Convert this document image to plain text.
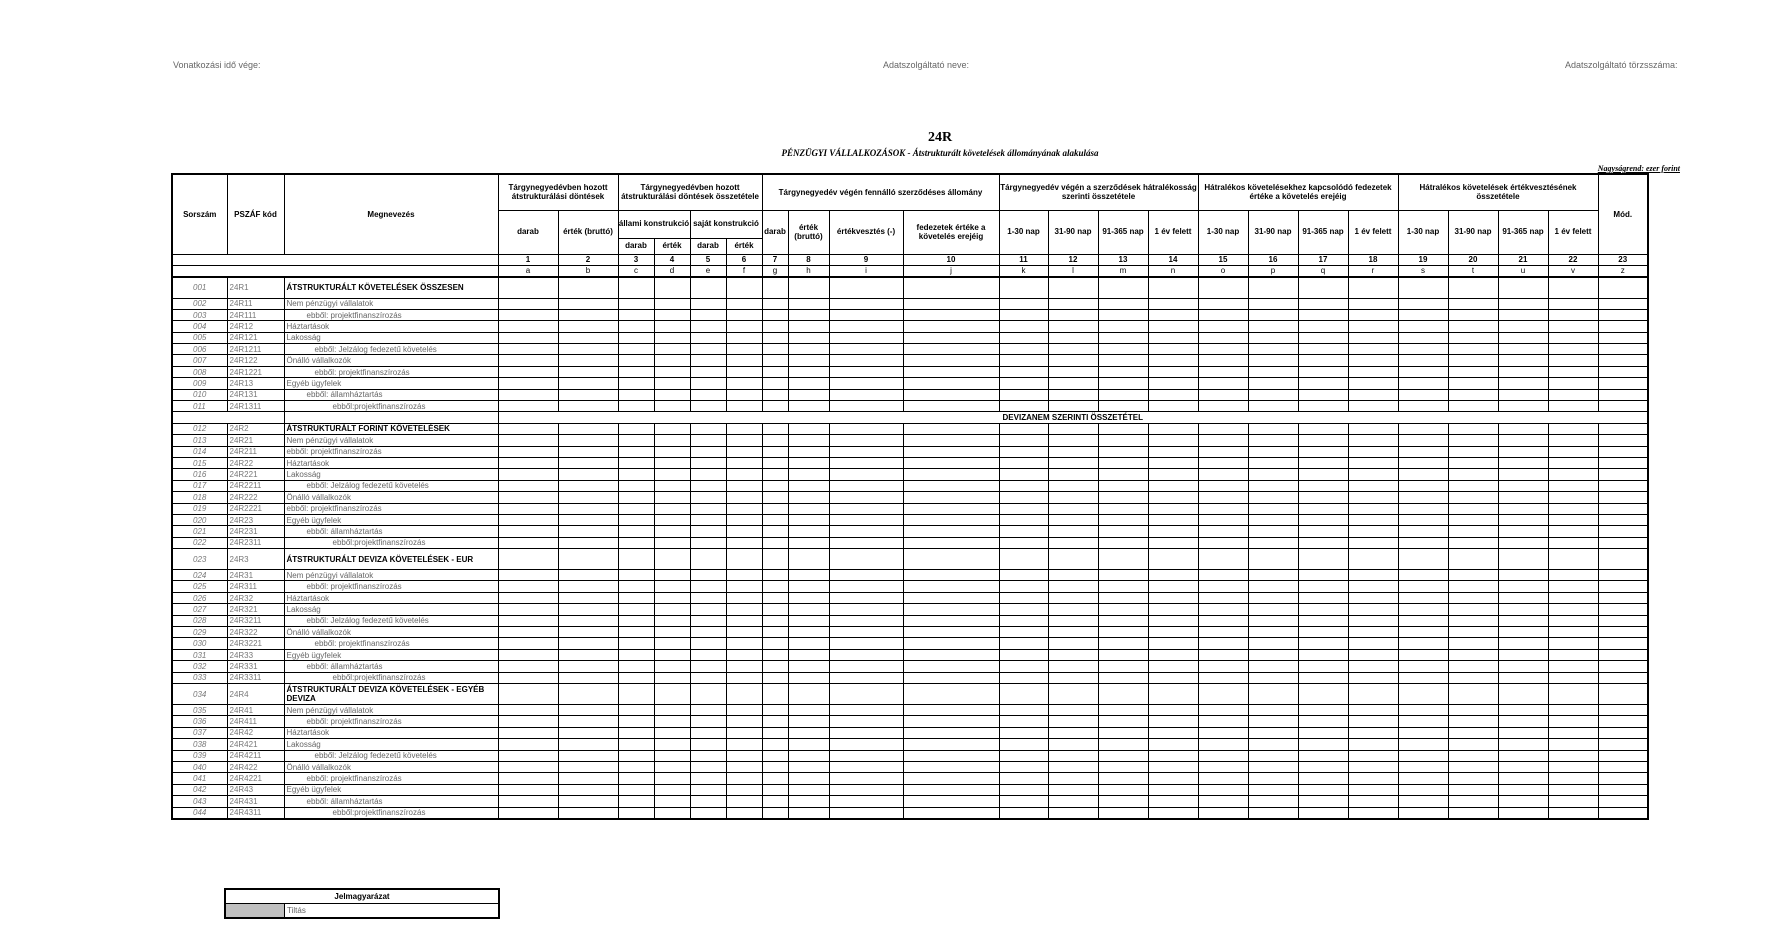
Vonatkozási idő vége:	Adatszolgáltató neve:	Adatszolgáltató törzsszáma:
24R
PÉNZÜGYI VÁLLALKOZÁSOK - Átstrukturált követelések állományának alakulása
Nagyságrend: ezer forint
Sorszám	PSZÁF kód	Megnevezés	Tárgynegyedévben hozott átstrukturálási döntések		Tárgynegyedévben hozott átstrukturálási döntések összetétele				Tárgynegyedév végén fennálló szerződéses állomány				Tárgynegyedév végén a szerződések hátralékosság szerinti összetétele				Hátralékos követelésekhez kapcsolódó fedezetek értéke a követelés erejéig				Hátralékos követelések értékvesztésének összetétele				Mód.
			darab	érték (bruttó)	állami konstrukció		saját konstrukció		darab	érték (bruttó)	értékvesztés (-)	fedezetek értéke a követelés erejéig	1-30 nap	31-90 nap	91-365 nap	1 év felett	1-30 nap	31-90 nap	91-365 nap	1 év felett	1-30 nap	31-90 nap	91-365 nap	1 év felett	
					darab	érték	darab	érték																	
			1	2	3	4	5	6	7	8	9	10	11	12	13	14	15	16	17	18	19	20	21	22	23
			a	b	c	d	e	f	g	h	i	j	k	l	m	n	o	p	q	r	s	t	u	v	z
001	24R1	ÁTSTRUKTURÁLT KÖVETELÉSEK ÖSSZESEN																							
002	24R11	Nem pénzügyi vállalatok																							
003	24R111	ebből: projektfinanszírozás																							
004	24R12	Háztartások																							
005	24R121	Lakosság																							
006	24R1211	ebből: Jelzálog fedezetű követelés																							
007	24R122	Önálló vállalkozók																							
008	24R1221	ebből: projektfinanszírozás																							
009	24R13	Egyéb ügyfelek																							
010	24R131	ebből: államháztartás																							
011	24R1311	ebből:projektfinanszírozás																							
			DEVIZANEM SZERINTI ÖSSZETÉTEL																						
012	24R2	ÁTSTRUKTURÁLT FORINT KÖVETELÉSEK																							
013	24R21	Nem pénzügyi vállalatok																							
014	24R211	ebből: projektfinanszírozás																							
015	24R22	Háztartások																							
016	24R221	Lakosság																							
017	24R2211	ebből: Jelzálog fedezetű követelés																							
018	24R222	Önálló vállalkozók																							
019	24R2221	ebből: projektfinanszírozás																							
020	24R23	Egyéb ügyfelek																							
021	24R231	ebből: államháztartás																							
022	24R2311	ebből:projektfinanszírozás																							
023	24R3	ÁTSTRUKTURÁLT DEVIZA KÖVETELÉSEK - EUR																							
024	24R31	Nem pénzügyi vállalatok																							
025	24R311	ebből: projektfinanszírozás																							
026	24R32	Háztartások																							
027	24R321	Lakosság																							
028	24R3211	ebből: Jelzálog fedezetű követelés																							
029	24R322	Önálló vállalkozók																							
030	24R3221	ebből: projektfinanszírozás																							
031	24R33	Egyéb ügyfelek																							
032	24R331	ebből: államháztartás																							
033	24R3311	ebből:projektfinanszírozás																							
034	24R4	ÁTSTRUKTURÁLT DEVIZA KÖVETELÉSEK - EGYÉB DEVIZA																							
035	24R41	Nem pénzügyi vállalatok																							
036	24R411	ebből: projektfinanszírozás																							
037	24R42	Háztartások																							
038	24R421	Lakosság																							
039	24R4211	ebből: Jelzálog fedezetű követelés																							
040	24R422	Önálló vállalkozók																							
041	24R4221	ebből: projektfinanszírozás																							
042	24R43	Egyéb ügyfelek																							
043	24R431	ebből: államháztartás																							
044	24R4311	ebből:projektfinanszírozás																							
Jelmagyarázat
	Tiltás
